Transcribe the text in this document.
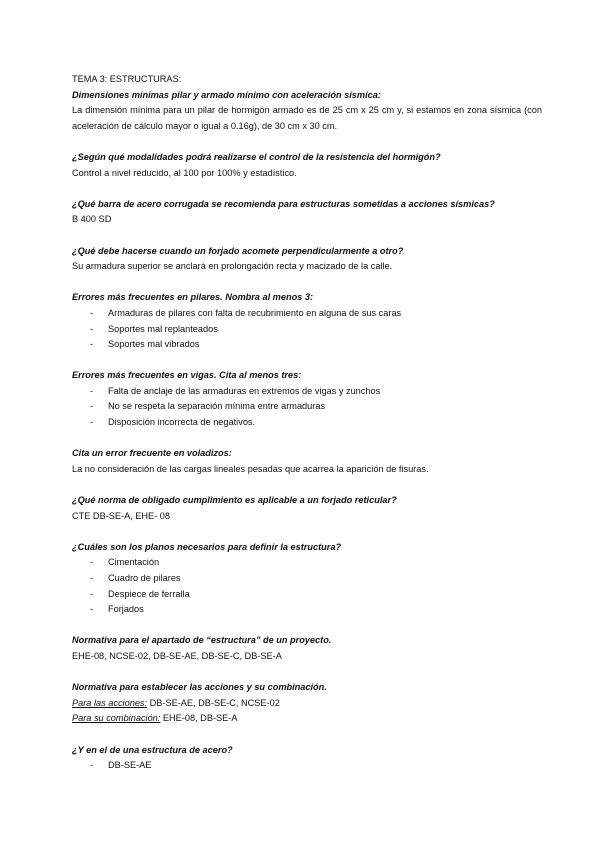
TEMA 3: ESTRUCTURAS:
Dimensiones mínimas pilar y armado mínimo con aceleración sísmica:
La dimensión mínima para un pilar de hormigón armado es de 25 cm x 25 cm y, si estamos en zona sísmica (con aceleración de cálculo mayor o igual a 0.16g), de 30 cm x 30 cm.
¿Según qué modalidades podrá realizarse el control de la resistencia del hormigón?
Control a nivel reducido, al 100 por 100% y estadístico.
¿Qué barra de acero corrugada se recomienda para estructuras sometidas a acciones sísmicas?
B 400 SD
¿Qué debe hacerse cuando un forjado acomete perpendicularmente a otro?
Su armadura superior se anclará en prolongación recta y macizado de la calle.
Errores más frecuentes en pilares. Nombra al menos 3:
- Armaduras de pilares con falta de recubrimiento en alguna de sus caras
- Soportes mal replanteados
- Soportes mal vibrados
Errores más frecuentes en vigas. Cita al menos tres:
- Falta de anclaje de las armaduras en extremos de vigas y zunchos
- No se respeta la separación mínima entre armaduras
- Disposición incorrecta de negativos.
Cita un error frecuente en voladizos:
La no consideración de las cargas lineales pesadas que acarrea la aparición de fisuras.
¿Qué norma de obligado cumplimiento es aplicable a un forjado reticular?
CTE DB-SE-A, EHE- 08
¿Cuáles son los planos necesarios para definir la estructura?
- Cimentación
- Cuadro de pilares
- Despiece de ferralla
- Forjados
Normativa para el apartado de “estructura” de un proyecto.
EHE-08, NCSE-02, DB-SE-AE, DB-SE-C, DB-SE-A
Normativa para establecer las acciones y su combinación.
Para las acciones: DB-SE-AE, DB-SE-C, NCSE-02
Para su combinación: EHE-08, DB-SE-A
¿Y en el de una estructura de acero?
- DB-SE-AE
